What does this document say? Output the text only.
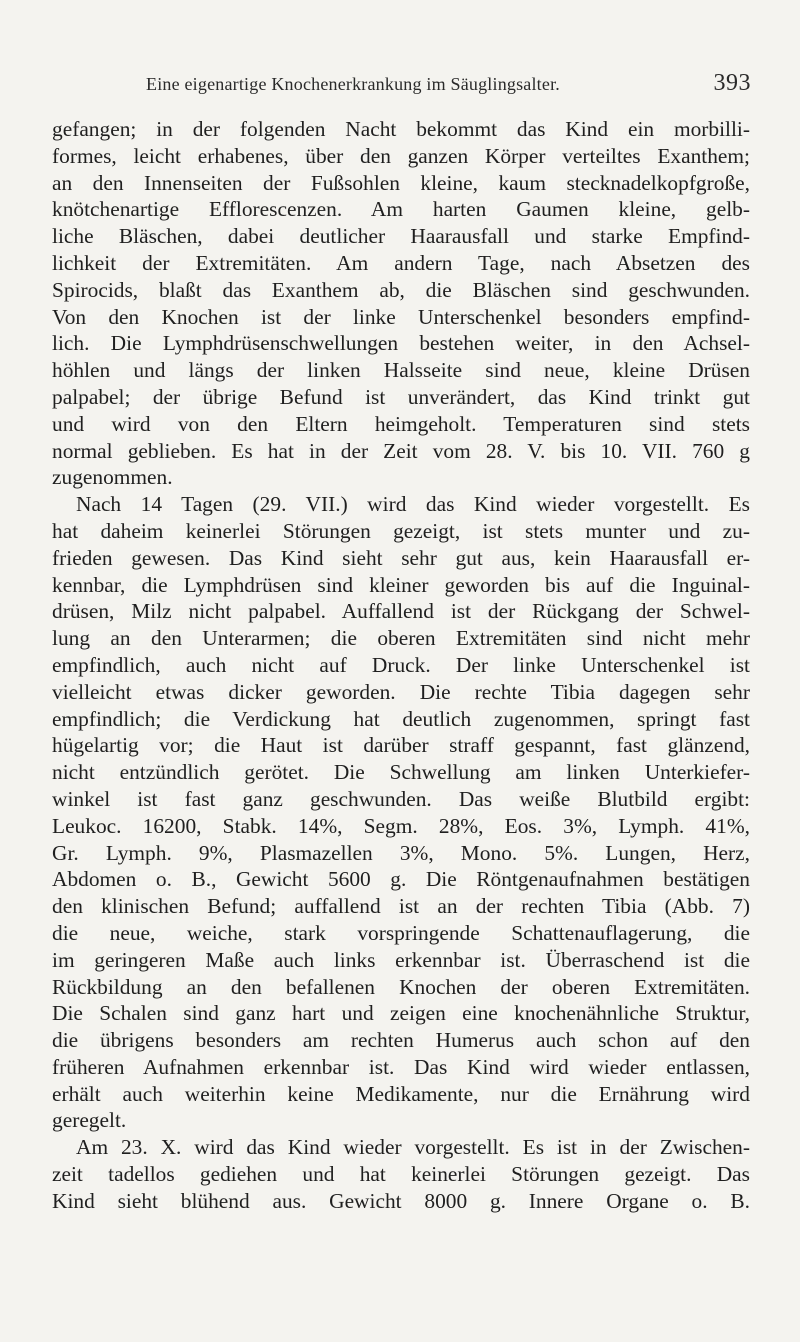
Eine eigenartige Knochenerkrankung im Säuglingsalter.	393
gefangen; in der folgenden Nacht bekommt das Kind ein morbilli-
formes, leicht erhabenes, über den ganzen Körper verteiltes Exanthem;
an den Innenseiten der Fußsohlen kleine, kaum stecknadelkopfgroße,
knötchenartige Efflorescenzen. Am harten Gaumen kleine, gelb-
liche Bläschen, dabei deutlicher Haarausfall und starke Empfind-
lichkeit der Extremitäten. Am andern Tage, nach Absetzen des
Spirocids, blaßt das Exanthem ab, die Bläschen sind geschwunden.
Von den Knochen ist der linke Unterschenkel besonders empfind-
lich. Die Lymphdrüsenschwellungen bestehen weiter, in den Achsel-
höhlen und längs der linken Halsseite sind neue, kleine Drüsen
palpabel; der übrige Befund ist unverändert, das Kind trinkt gut
und wird von den Eltern heimgeholt. Temperaturen sind stets
normal geblieben. Es hat in der Zeit vom 28. V. bis 10. VII. 760 g
zugenommen.
Nach 14 Tagen (29. VII.) wird das Kind wieder vorgestellt. Es
hat daheim keinerlei Störungen gezeigt, ist stets munter und zu-
frieden gewesen. Das Kind sieht sehr gut aus, kein Haarausfall er-
kennbar, die Lymphdrüsen sind kleiner geworden bis auf die Inguinal-
drüsen, Milz nicht palpabel. Auffallend ist der Rückgang der Schwel-
lung an den Unterarmen; die oberen Extremitäten sind nicht mehr
empfindlich, auch nicht auf Druck. Der linke Unterschenkel ist
vielleicht etwas dicker geworden. Die rechte Tibia dagegen sehr
empfindlich; die Verdickung hat deutlich zugenommen, springt fast
hügelartig vor; die Haut ist darüber straff gespannt, fast glänzend,
nicht entzündlich gerötet. Die Schwellung am linken Unterkiefer-
winkel ist fast ganz geschwunden. Das weiße Blutbild ergibt:
Leukoc. 16200, Stabk. 14%, Segm. 28%, Eos. 3%, Lymph. 41%,
Gr. Lymph. 9%, Plasmazellen 3%, Mono. 5%. Lungen, Herz,
Abdomen o. B., Gewicht 5600 g. Die Röntgenaufnahmen bestätigen
den klinischen Befund; auffallend ist an der rechten Tibia (Abb. 7)
die neue, weiche, stark vorspringende Schattenauflagerung, die
im geringeren Maße auch links erkennbar ist. Überraschend ist die
Rückbildung an den befallenen Knochen der oberen Extremitäten.
Die Schalen sind ganz hart und zeigen eine knochenähnliche Struktur,
die übrigens besonders am rechten Humerus auch schon auf den
früheren Aufnahmen erkennbar ist. Das Kind wird wieder entlassen,
erhält auch weiterhin keine Medikamente, nur die Ernährung wird
geregelt.
Am 23. X. wird das Kind wieder vorgestellt. Es ist in der Zwischen-
zeit tadellos gediehen und hat keinerlei Störungen gezeigt. Das
Kind sieht blühend aus. Gewicht 8000 g. Innere Organe o. B.
